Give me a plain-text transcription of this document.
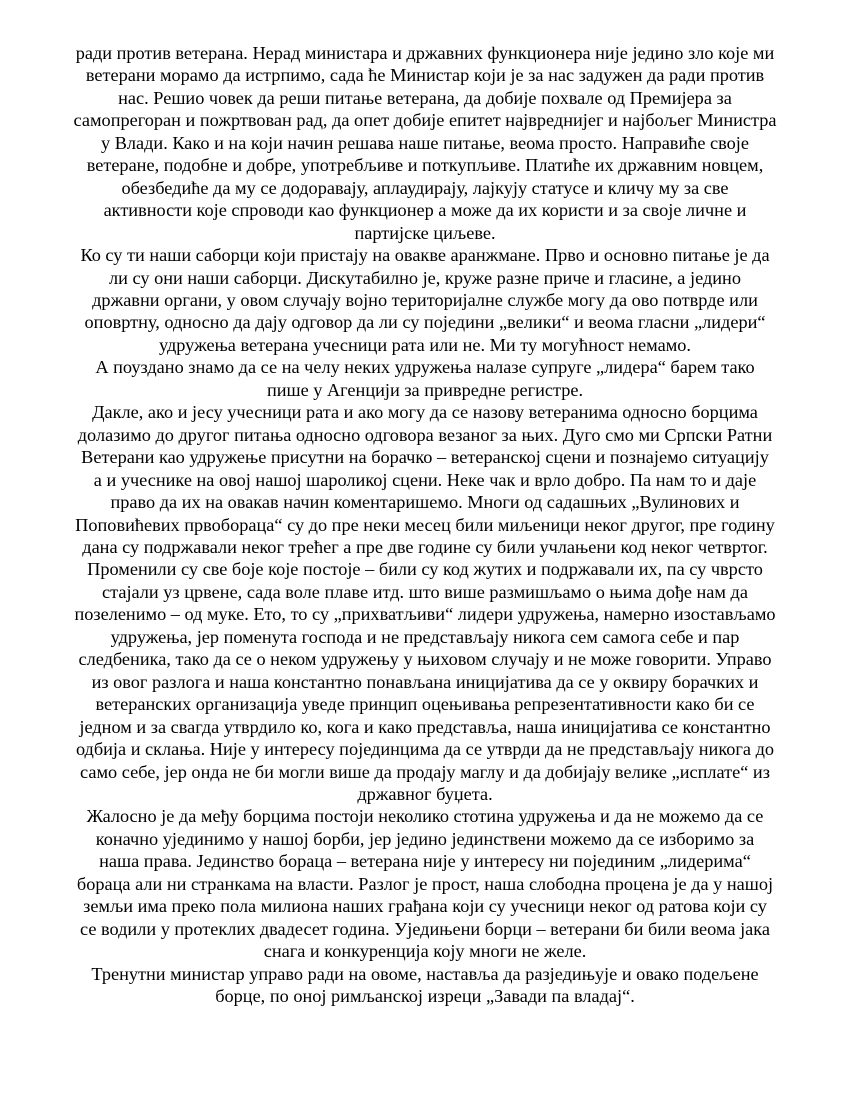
ради против ветерана. Нерад министара и државних функционера није једино зло које ми
ветерани морамо да истрпимо, сада ће Министар који је за нас задужен да ради против
нас. Решио човек да реши питање ветерана, да добије похвале од Премијера за
самопрегоран и пожртвован рад, да опет добије епитет највреднијег и најбољег Министра
у Влади. Како и на који начин решава наше питање, веома просто. Направиће своје
ветеране, подобне и добре, употребљиве и поткупљиве. Платиће их државним новцем,
обезбедиће да му се додоравају, аплаудирају, лајкују статусе и кличу му за све
активности које спроводи као функционер а може да их користи и за своје личне и
партијске циљеве.
Ко су ти наши саборци који пристају на овакве аранжмане. Прво и основно питање је да
ли су они наши саборци. Дискутабилно је, круже разне приче и гласине, а једино
државни органи, у овом случају војно територијалне службе могу да ово потврде или
оповртну, односно да дају одговор да ли су поједини „велики“ и веома гласни „лидери“
удружења ветерана учесници рата или не. Ми ту могућност немамо.
А поуздано знамо да се на челу неких удружења налазе супруге „лидера“ барем тако
пише у Агенцији за привредне регистре.
Дакле, ако и јесу учесници рата и ако могу да се назову ветеранима односно борцима
долазимо до другог питања односно одговора везаног за њих. Дуго смо ми Српски Ратни
Ветерани као удружење присутни на борачко – ветеранској сцени и познајемо ситуацију
а и учеснике на овој нашој шароликој сцени. Неке чак и врло добро. Па нам то и даје
право да их на овакав начин коментаришемо. Многи од садашњих „Вулинових и
Поповићевих првобораца“ су до пре неки месец били миљеници неког другог, пре годину
дана су подржавали неког трећег а пре две године су били учлањени код неког четвртог.
Променили су све боје које постоје – били су код жутих и подржавали их, па су чврсто
стајали уз црвене, сада воле плаве итд. што више размишљамо о њима дође нам да
позеленимо – од муке. Ето, то су „прихватљиви“ лидери удружења, намерно изостављамо
удружења, јер поменута господа и не представљају никога сем самога себе и пар
следбеника, тако да се о неком удружењу у њиховом случају и не може говорити. Управо
из овог разлога и наша константно понављана иницијатива да се у оквиру борачких и
ветеранских организација уведе принцип оцењивања репрезентативности како би се
једном и за свагда утврдило ко, кога и како представља, наша иницијатива се константно
одбија и склања. Није у интересу појединцима да се утврди да не представљају никога до
само себе, јер онда не би могли више да продају маглу и да добијају велике „исплате“ из
државног буџета.
Жалосно је да међу борцима постоји неколико стотина удружења и да не можемо да се
коначно ујединимо у нашој борби, јер једино јединствени можемо да се изборимо за
наша права. Јединство бораца – ветерана није у интересу ни појединим „лидерима“
бораца али ни странкама на власти. Разлог је прост, наша слободна процена је да у нашој
земљи има преко пола милиона наших грађана који су учесници неког од ратова који су
се водили у протеклих двадесет година. Уједињени борци – ветерани би били веома јака
снага и конкуренција коју многи не желе.
Тренутни министар управо ради на овоме, наставља да разједињује и овако подељене
борце, по оној римљанској изреци „Завади па владај“.
